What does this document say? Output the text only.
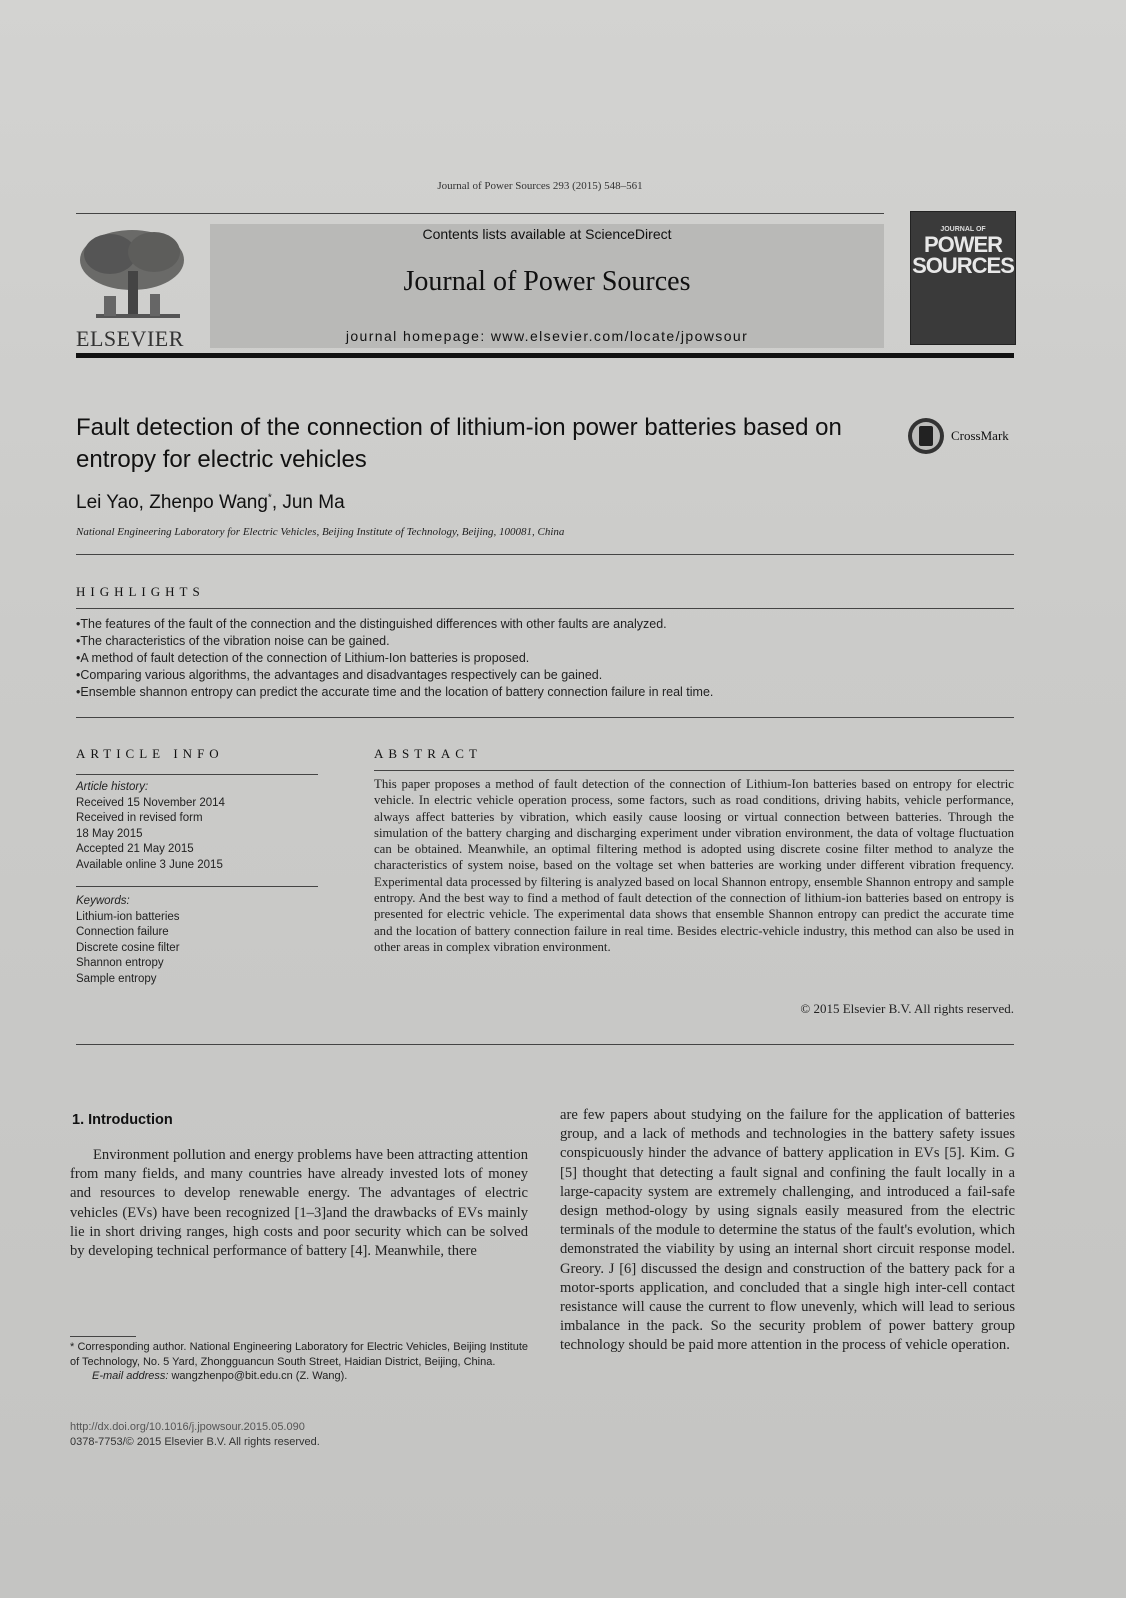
Journal of Power Sources 293 (2015) 548–561
ELSEVIER
Contents lists available at ScienceDirect
Journal of Power Sources
journal homepage: www.elsevier.com/locate/jpowsour
JOURNAL OF
POWER
SOURCES
Fault detection of the connection of lithium-ion power batteries based on entropy for electric vehicles
CrossMark
Lei Yao, Zhenpo Wang*, Jun Ma
National Engineering Laboratory for Electric Vehicles, Beijing Institute of Technology, Beijing, 100081, China
HIGHLIGHTS
• The features of the fault of the connection and the distinguished differences with other faults are analyzed.
• The characteristics of the vibration noise can be gained.
• A method of fault detection of the connection of Lithium-Ion batteries is proposed.
• Comparing various algorithms, the advantages and disadvantages respectively can be gained.
• Ensemble shannon entropy can predict the accurate time and the location of battery connection failure in real time.
ARTICLE INFO
Article history:
Received 15 November 2014
Received in revised form
18 May 2015
Accepted 21 May 2015
Available online 3 June 2015
Keywords:
Lithium-ion batteries
Connection failure
Discrete cosine filter
Shannon entropy
Sample entropy
ABSTRACT
This paper proposes a method of fault detection of the connection of Lithium-Ion batteries based on entropy for electric vehicle. In electric vehicle operation process, some factors, such as road conditions, driving habits, vehicle performance, always affect batteries by vibration, which easily cause loosing or virtual connection between batteries. Through the simulation of the battery charging and discharging experiment under vibration environment, the data of voltage fluctuation can be obtained. Meanwhile, an optimal filtering method is adopted using discrete cosine filter method to analyze the characteristics of system noise, based on the voltage set when batteries are working under different vibration frequency. Experimental data processed by filtering is analyzed based on local Shannon entropy, ensemble Shannon entropy and sample entropy. And the best way to find a method of fault detection of the connection of lithium-ion batteries based on entropy is presented for electric vehicle. The experimental data shows that ensemble Shannon entropy can predict the accurate time and the location of battery connection failure in real time. Besides electric-vehicle industry, this method can also be used in other areas in complex vibration environment.
© 2015 Elsevier B.V. All rights reserved.
1. Introduction
Environment pollution and energy problems have been attracting attention from many fields, and many countries have already invested lots of money and resources to develop renewable energy. The advantages of electric vehicles (EVs) have been recognized [1–3]and the drawbacks of EVs mainly lie in short driving ranges, high costs and poor security which can be solved by developing technical performance of battery [4]. Meanwhile, there
are few papers about studying on the failure for the application of batteries group, and a lack of methods and technologies in the battery safety issues conspicuously hinder the advance of battery application in EVs [5]. Kim. G [5] thought that detecting a fault signal and confining the fault locally in a large-capacity system are extremely challenging, and introduced a fail-safe design method-ology by using signals easily measured from the electric terminals of the module to determine the status of the fault's evolution, which demonstrated the viability by using an internal short circuit response model. Greory. J [6] discussed the design and construction of the battery pack for a motor-sports application, and concluded that a single high inter-cell contact resistance will cause the current to flow unevenly, which will lead to serious imbalance in the pack. So the security problem of power battery group technology should be paid more attention in the process of vehicle operation.
* Corresponding author. National Engineering Laboratory for Electric Vehicles, Beijing Institute of Technology, No. 5 Yard, Zhongguancun South Street, Haidian District, Beijing, China.
E-mail address: wangzhenpo@bit.edu.cn (Z. Wang).
http://dx.doi.org/10.1016/j.jpowsour.2015.05.090
0378-7753/© 2015 Elsevier B.V. All rights reserved.
